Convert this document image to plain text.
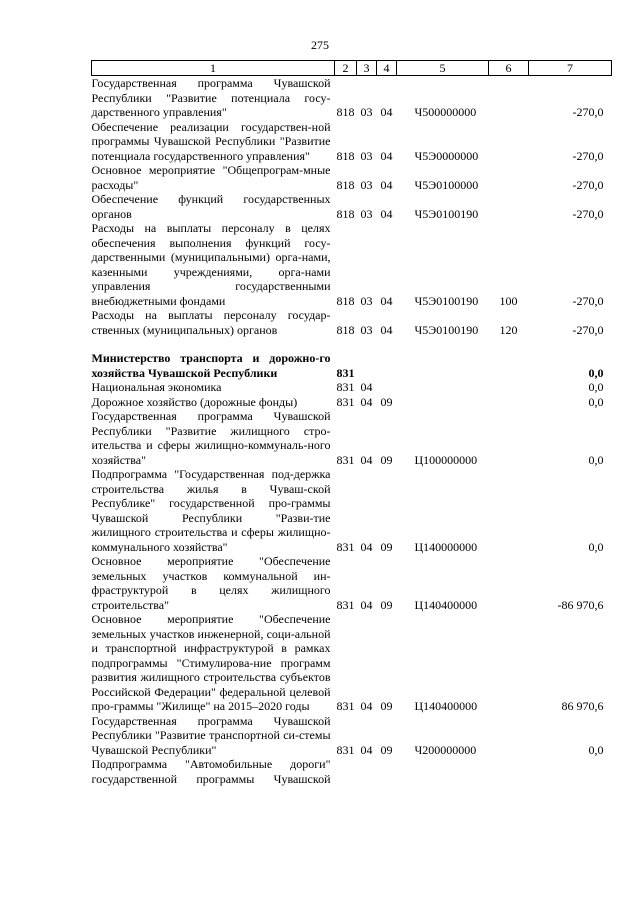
275
1	2	3	4	5	6	7
Государственная программа Чувашской Республики "Развитие потенциала госу-дарственного управления"	818	03	04	Ч500000000		-270,0
Обеспечение реализации государствен-ной программы Чувашской Республики "Развитие потенциала государственного управления"	818	03	04	Ч5Э0000000		-270,0
Основное мероприятие "Общепрограм-мные расходы"	818	03	04	Ч5Э0100000		-270,0
Обеспечение функций государственных органов	818	03	04	Ч5Э0100190		-270,0
Расходы на выплаты персоналу в целях обеспечения выполнения функций госу-дарственными (муниципальными) орга-нами, казенными учреждениями, орга-нами управления государственными внебюджетными фондами	818	03	04	Ч5Э0100190	100	-270,0
Расходы на выплаты персоналу государ-ственных (муниципальных) органов	818	03	04	Ч5Э0100190	120	-270,0

Министерство транспорта и дорожно-го хозяйства Чувашской Республики	831					0,0
Национальная экономика	831	04				0,0
Дорожное хозяйство (дорожные фонды)	831	04	09			0,0
Государственная программа Чувашской Республики "Развитие жилищного стро-ительства и сферы жилищно-коммуналь-ного хозяйства"	831	04	09	Ц100000000		0,0
Подпрограмма "Государственная под-держка строительства жилья в Чуваш-ской Республике" государственной про-граммы Чувашской Республики "Разви-тие жилищного строительства и сферы жилищно-коммунального хозяйства"	831	04	09	Ц140000000		0,0
Основное мероприятие "Обеспечение земельных участков коммунальной ин-фраструктурой в целях жилищного строительства"	831	04	09	Ц140400000		-86 970,6
Основное мероприятие "Обеспечение земельных участков инженерной, соци-альной и транспортной инфраструктурой в рамках подпрограммы "Стимулирова-ние программ развития жилищного строительства субъектов Российской Федерации" федеральной целевой про-граммы "Жилище" на 2015–2020 годы	831	04	09	Ц140400000		86 970,6
Государственная программа Чувашской Республики "Развитие транспортной си-стемы Чувашской Республики"	831	04	09	Ч200000000		0,0
Подпрограмма "Автомобильные дороги" государственной программы Чувашской						
